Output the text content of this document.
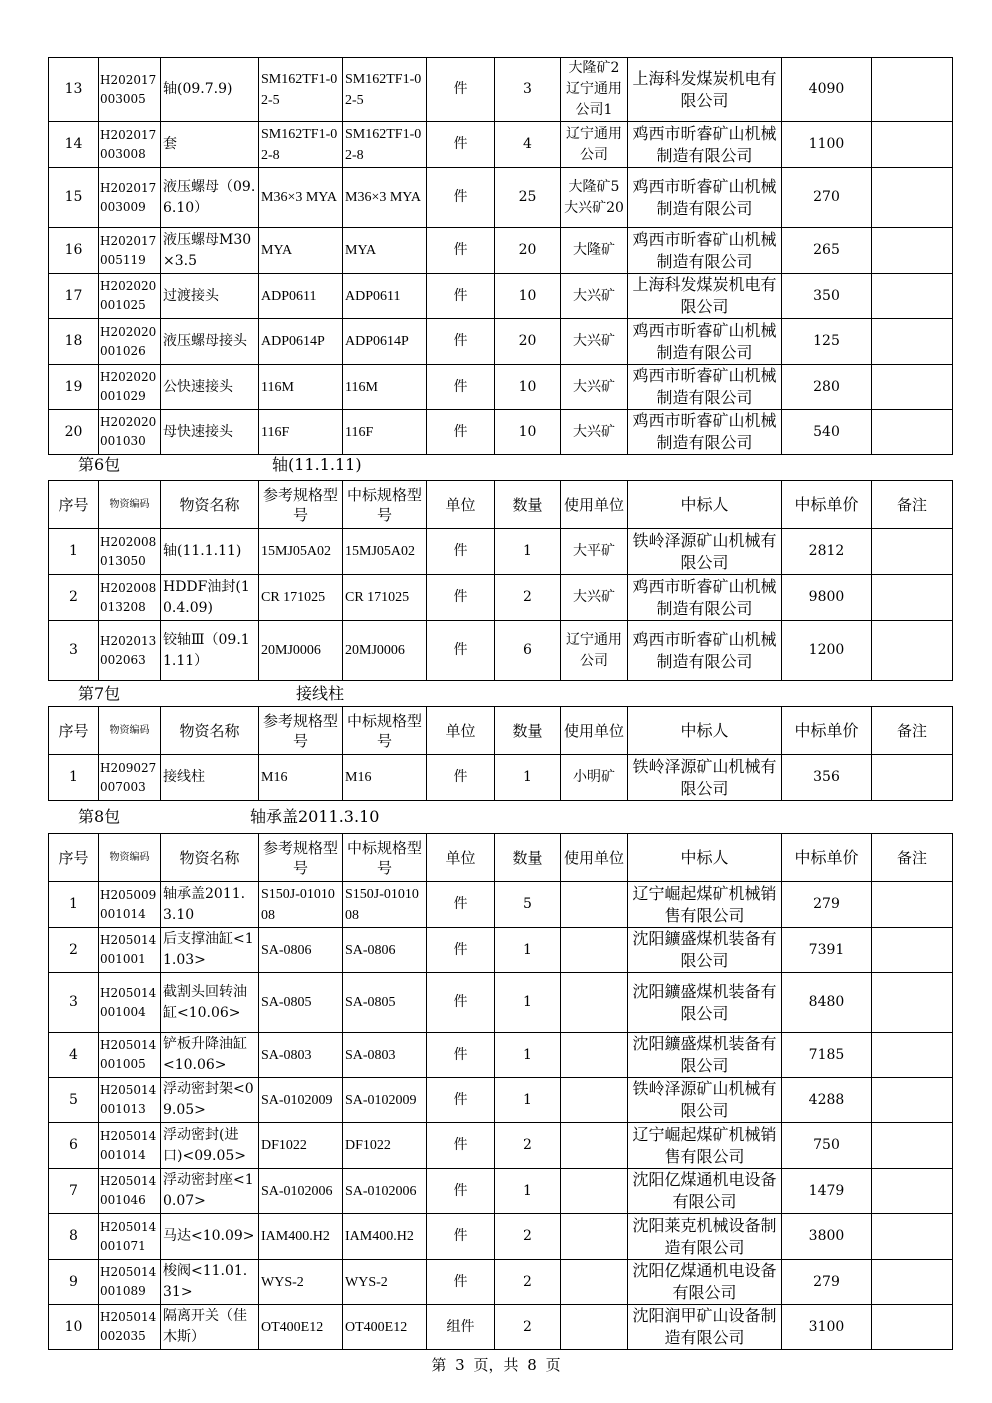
13	H202017 003005	轴(09.7.9)	SM162TF1-02-5	SM162TF1-02-5	件	3	大隆矿2 辽宁通用公司1	上海科发煤炭机电有限公司	4090	
14	H202017 003008	套	SM162TF1-02-8	SM162TF1-02-8	件	4	辽宁通用公司	鸡西市昕睿矿山机械制造有限公司	1100	
15	H202017 003009	液压螺母（09.6.10）	M36×3 MYA	M36×3 MYA	件	25	大隆矿5 大兴矿20	鸡西市昕睿矿山机械制造有限公司	270	
16	H202017 005119	液压螺母M30×3.5	MYA	MYA	件	20	大隆矿	鸡西市昕睿矿山机械制造有限公司	265	
17	H202020 001025	过渡接头	ADP0611	ADP0611	件	10	大兴矿	上海科发煤炭机电有限公司	350	
18	H202020 001026	液压螺母接头	ADP0614P	ADP0614P	件	20	大兴矿	鸡西市昕睿矿山机械制造有限公司	125	
19	H202020 001029	公快速接头	116M	116M	件	10	大兴矿	鸡西市昕睿矿山机械制造有限公司	280	
20	H202020 001030	母快速接头	116F	116F	件	10	大兴矿	鸡西市昕睿矿山机械制造有限公司	540	
第6包	轴(11.1.11)
序号	物资编码	物资名称	参考规格型号	中标规格型号	单位	数量	使用单位	中标人	中标单价	备注
1	H202008 013050	轴(11.1.11)	15MJ05A02	15MJ05A02	件	1	大平矿	铁岭泽源矿山机械有限公司	2812	
2	H202008 013208	HDDF油封(10.4.09)	CR 171025	CR 171025	件	2	大兴矿	鸡西市昕睿矿山机械制造有限公司	9800	
3	H202013 002063	铰轴Ⅲ（09.11.11）	20MJ0006	20MJ0006	件	6	辽宁通用公司	鸡西市昕睿矿山机械制造有限公司	1200	
第7包	接线柱
序号	物资编码	物资名称	参考规格型号	中标规格型号	单位	数量	使用单位	中标人	中标单价	备注
1	H209027 007003	接线柱	M16	M16	件	1	小明矿	铁岭泽源矿山机械有限公司	356	
第8包	轴承盖2011.3.10
序号	物资编码	物资名称	参考规格型号	中标规格型号	单位	数量	使用单位	中标人	中标单价	备注
1	H205009 001014	轴承盖2011.3.10	S150J-0101008	S150J-0101008	件	5		辽宁崛起煤矿机械销售有限公司	279	
2	H205014 001001	后支撑油缸<11.03>	SA-0806	SA-0806	件	1		沈阳鑛盛煤机装备有限公司	7391	
3	H205014 001004	截割头回转油缸<10.06>	SA-0805	SA-0805	件	1		沈阳鑛盛煤机装备有限公司	8480	
4	H205014 001005	铲板升降油缸<10.06>	SA-0803	SA-0803	件	1		沈阳鑛盛煤机装备有限公司	7185	
5	H205014 001013	浮动密封架<09.05>	SA-0102009	SA-0102009	件	1		铁岭泽源矿山机械有限公司	4288	
6	H205014 001014	浮动密封(进口)<09.05>	DF1022	DF1022	件	2		辽宁崛起煤矿机械销售有限公司	750	
7	H205014 001046	浮动密封座<10.07>	SA-0102006	SA-0102006	件	1		沈阳亿煤通机电设备有限公司	1479	
8	H205014 001071	马达<10.09>	IAM400.H2	IAM400.H2	件	2		沈阳莱克机械设备制造有限公司	3800	
9	H205014 001089	梭阀<11.01.31>	WYS-2	WYS-2	件	2		沈阳亿煤通机电设备有限公司	279	
10	H205014 002035	隔离开关（佳木斯）	OT400E12	OT400E12	组件	2		沈阳润甲矿山设备制造有限公司	3100	
第 3 页，共 8 页
